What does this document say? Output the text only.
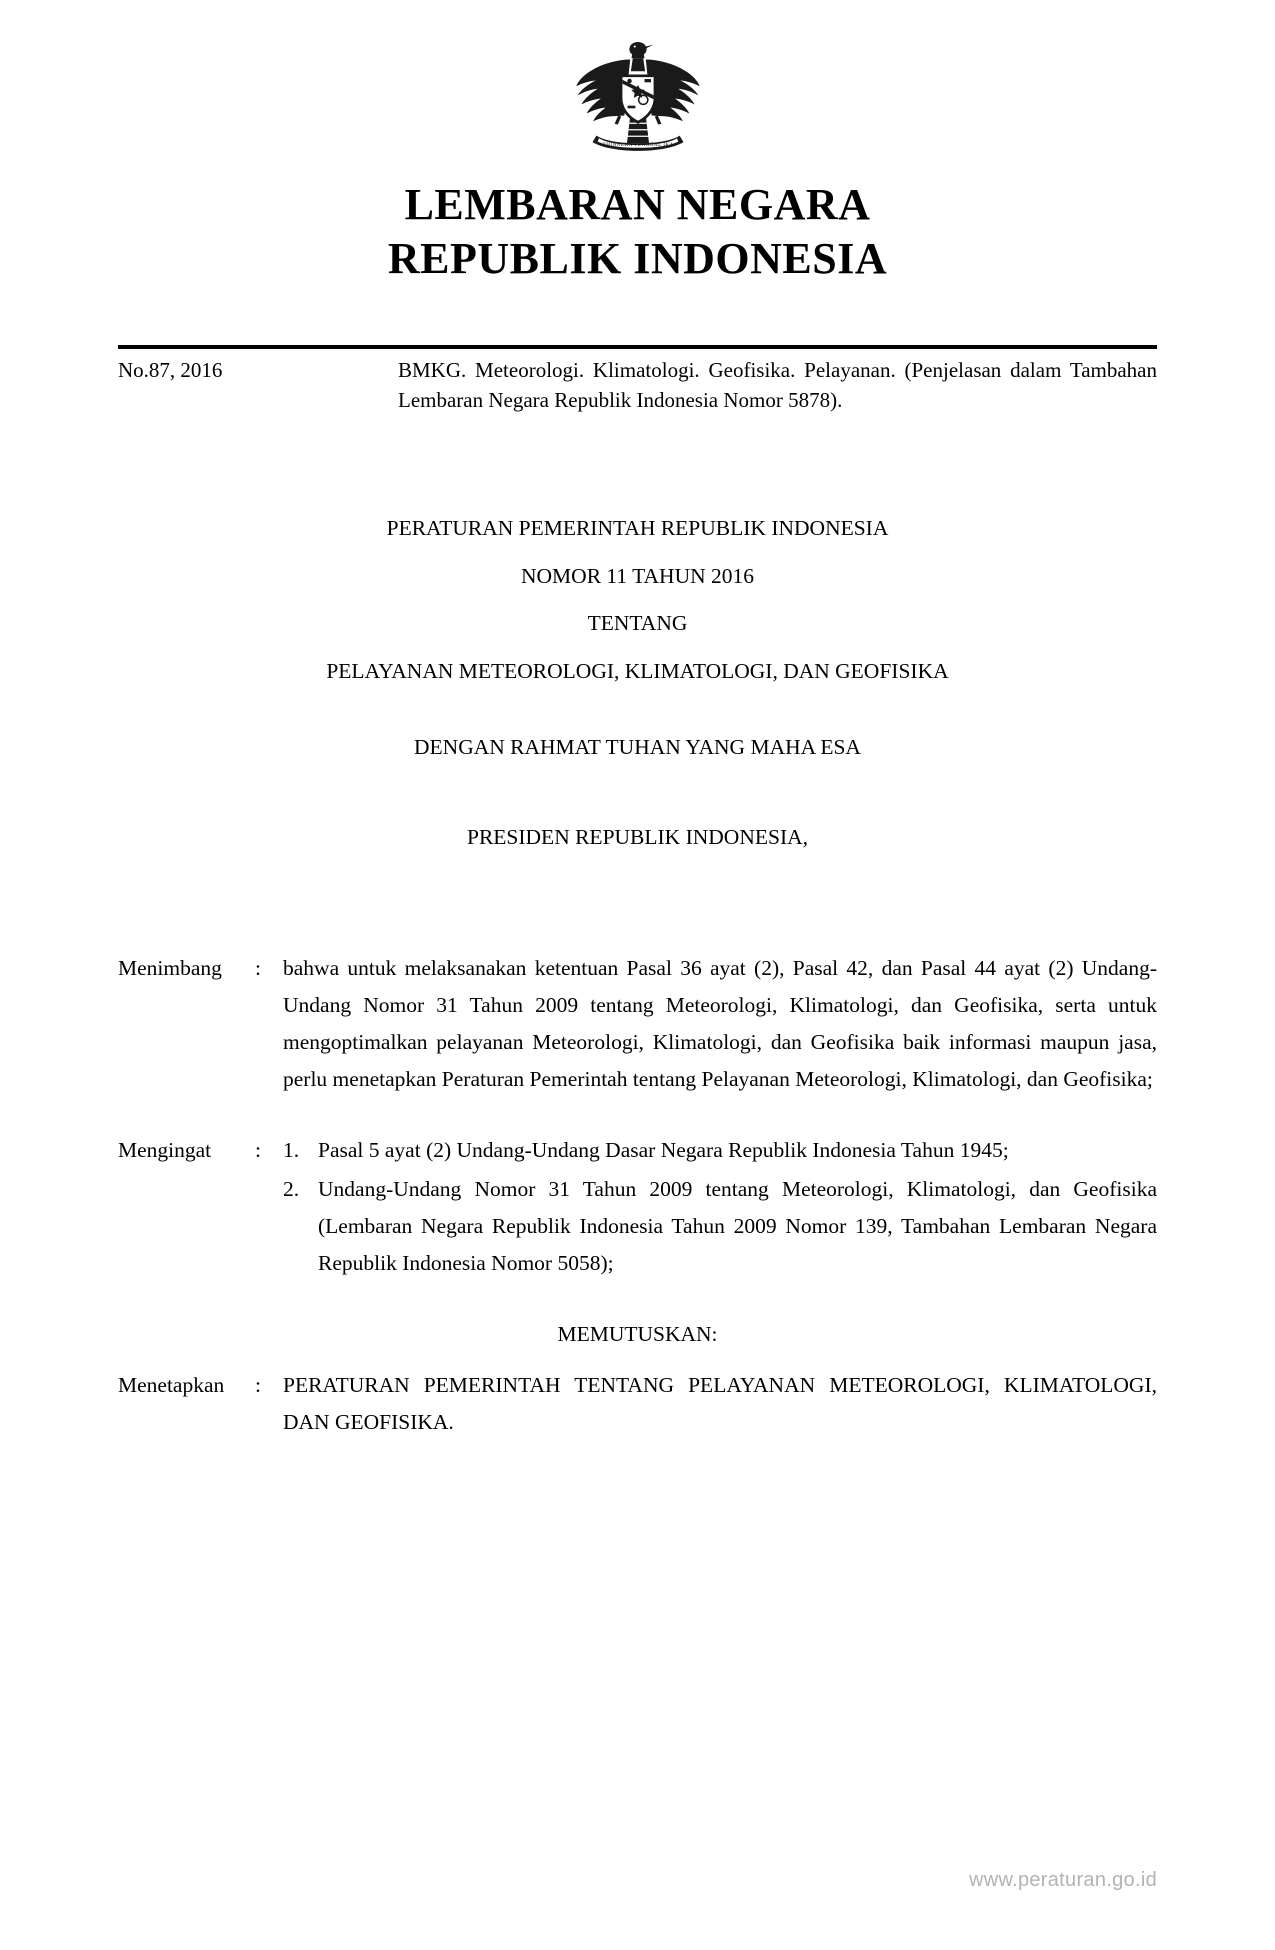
BHINNEKA TUNGGAL IKA
LEMBARAN NEGARA
REPUBLIK INDONESIA
No.87, 2016	BMKG. Meteorologi. Klimatologi. Geofisika. Pelayanan. (Penjelasan dalam Tambahan Lembaran Negara Republik Indonesia Nomor 5878).
PERATURAN PEMERINTAH REPUBLIK INDONESIA
NOMOR 11 TAHUN 2016
TENTANG
PELAYANAN METEOROLOGI, KLIMATOLOGI, DAN GEOFISIKA
DENGAN RAHMAT TUHAN YANG MAHA ESA
PRESIDEN REPUBLIK INDONESIA,
Menimbang	:	bahwa untuk melaksanakan ketentuan Pasal 36 ayat (2), Pasal 42, dan Pasal 44 ayat (2) Undang-Undang Nomor 31 Tahun 2009 tentang Meteorologi, Klimatologi, dan Geofisika, serta untuk mengoptimalkan pelayanan Meteorologi, Klimatologi, dan Geofisika baik informasi maupun jasa, perlu menetapkan Peraturan Pemerintah tentang Pelayanan Meteorologi, Klimatologi, dan Geofisika;
Mengingat	:	1. Pasal 5 ayat (2) Undang-Undang Dasar Negara Republik Indonesia Tahun 1945;
2. Undang-Undang Nomor 31 Tahun 2009 tentang Meteorologi, Klimatologi, dan Geofisika (Lembaran Negara Republik Indonesia Tahun 2009 Nomor 139, Tambahan Lembaran Negara Republik Indonesia Nomor 5058);
MEMUTUSKAN:
Menetapkan	:	PERATURAN PEMERINTAH TENTANG PELAYANAN METEOROLOGI, KLIMATOLOGI, DAN GEOFISIKA.
www.peraturan.go.id
